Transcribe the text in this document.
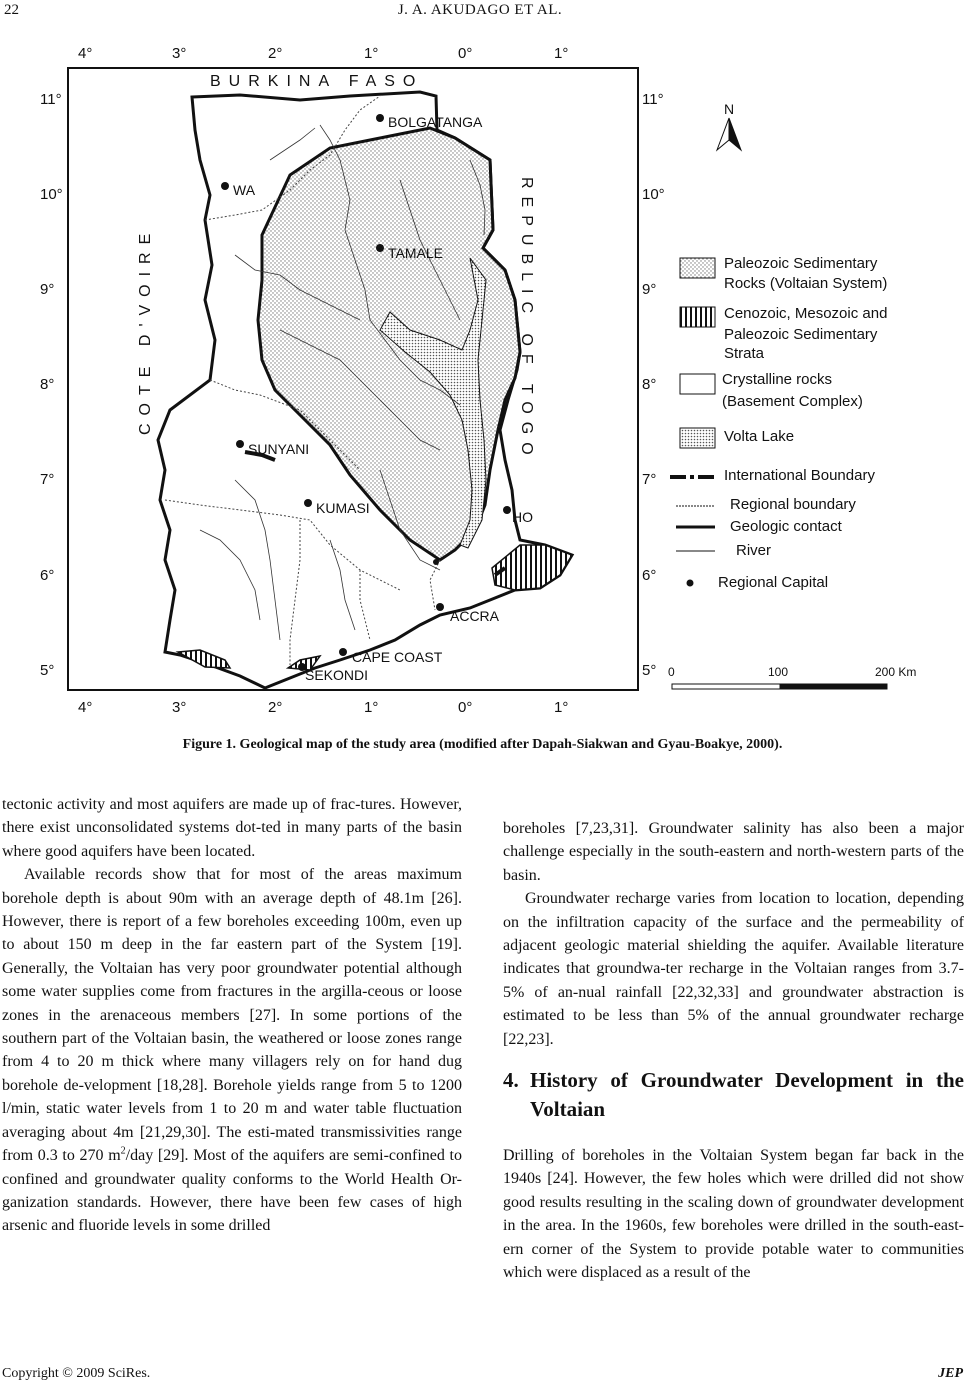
22	J. A. AKUDAGO ET AL.
BOLGATANGA
WA
TAMALE
SUNYANI
KUMASI
HO
ACCRA
CAPE COAST
SEKONDI
BURKINA FASO
COTE D'VOIRE	REPUBLIC OF TOGO
4°	3°	2°	1°	0°	1°
4°	3°	2°	1°	0°	1°
11°
10°
9°
8°
7°
6°
5°
11°
10°
9°
8°
7°
6°
5°
N
Paleozoic Sedimentary
Rocks (Voltaian System)
Cenozoic, Mesozoic and
Paleozoic Sedimentary
Strata
Crystalline rocks
(Basement Complex)
Volta Lake
International Boundary
Regional boundary
Geologic contact
River
Regional Capital
0	100	200 Km
Figure 1. Geological map of the study area (modified after Dapah-Siakwan and Gyau-Boakye, 2000).

tectonic activity and most aquifers are made up of frac-tures. However, there exist unconsolidated systems dot-ted in many parts of the basin where good aquifers have been located.

Available records show that for most of the areas maximum borehole depth is about 90m with an average depth of 48.1m [26]. However, there is report of a few boreholes exceeding 100m, even up to about 150 m deep in the far eastern part of the System [19]. Generally, the Voltaian has very poor groundwater potential although some water supplies come from fractures in the argilla-ceous or loose zones in the arenaceous members [27]. In some portions of the southern part of the Voltaian basin, the weathered or loose zones range from 4 to 20 m thick where many villagers rely on for hand dug borehole de-velopment [18,28]. Borehole yields range from 5 to 1200 l/min, static water levels from 1 to 20 m and water table fluctuation averaging about 4m [21,29,30]. The esti-mated transmissivities range from 0.3 to 270 $m^2$/day [29]. Most of the aquifers are semi-confined to confined and groundwater quality conforms to the World Health Or-ganization standards. However, there have been few cases of high arsenic and fluoride levels in some drilled

boreholes [7,23,31]. Groundwater salinity has also been a major challenge especially in the south-eastern and north-western parts of the basin.

Groundwater recharge varies from location to location, depending on the infiltration capacity of the surface and the permeability of adjacent geologic material shielding the aquifer. Available literature indicates that groundwa-ter recharge in the Voltaian ranges from 3.7-5% of an-nual rainfall [22,32,33] and groundwater abstraction is estimated to be less than 5% of the annual groundwater recharge [22,23].

4. History of Groundwater Development in the Voltaian

Drilling of boreholes in the Voltaian System began far back in the 1940s [24]. However, the few holes which were drilled did not show good results resulting in the scaling down of groundwater development in the area. In the 1960s, few boreholes were drilled in the south-east-ern corner of the System to provide potable water to communities which were displaced as a result of the

Copyright © 2009 SciRes.	JEP
